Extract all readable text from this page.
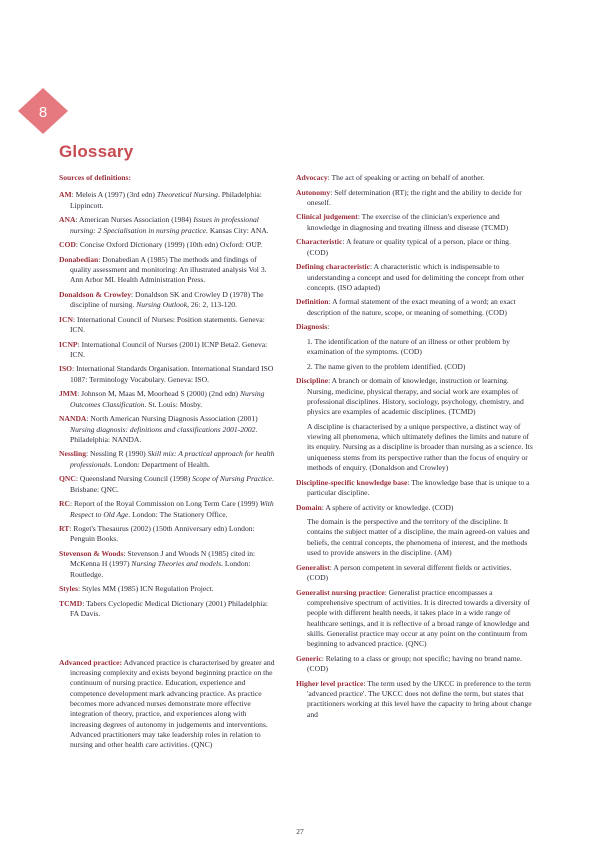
8
Glossary

Sources of definitions:

AM: Meleis A (1997) (3rd edn) Theoretical Nursing. Philadelphia: Lippincott.

ANA: American Nurses Association (1984) Issues in professional nursing: 2 Specialisation in nursing practice. Kansas City: ANA.

COD: Concise Oxford Dictionary (1999) (10th edn) Oxford: OUP.

Donabedian: Donabedian A (1985) The methods and findings of quality assessment and monitoring: An illustrated analysis Vol 3. Ann Arbor MI. Health Administration Press.

Donaldson & Crowley: Donaldson SK and Crowley D (1978) The discipline of nursing. Nursing Outlook, 26: 2, 113-120.

ICN: International Council of Nurses: Position statements. Geneva: ICN.

ICNP: International Council of Nurses (2001) ICNP Beta2. Geneva: ICN.

ISO: International Standards Organisation. International Standard ISO 1087: Terminology Vocabulary. Geneva: ISO.

JMM: Johnson M, Maas M, Moorhead S (2000) (2nd edn) Nursing Outcomes Classification. St. Louis: Mosby.

NANDA: North American Nursing Diagnosis Association (2001) Nursing diagnosis: definitions and classifications 2001-2002. Philadelphia: NANDA.

Nessling: Nessling R (1990) Skill mix: A practical approach for health professionals. London: Department of Health.

QNC: Queensland Nursing Council (1998) Scope of Nursing Practice. Brisbane: QNC.

RC: Report of the Royal Commission on Long Term Care (1999) With Respect to Old Age. London: The Stationery Office.

RT: Roget's Thesaurus (2002) (150th Anniversary edn) London: Penguin Books.

Stevenson & Woods: Stevenson J and Woods N (1985) cited in: McKenna H (1997) Nursing Theories and models. London: Routledge.

Styles: Styles MM (1985) ICN Regulation Project.

TCMD: Tabers Cyclopedic Medical Dictionary (2001) Philadelphia: FA Davis.

Advanced practice: Advanced practice is characterised by greater and increasing complexity and exists beyond beginning practice on the continuum of nursing practice. Education, experience and competence development mark advancing practice. As practice becomes more advanced nurses demonstrate more effective integration of theory, practice, and experiences along with increasing degrees of autonomy in judgements and interventions. Advanced practitioners may take leadership roles in relation to nursing and other health care activities. (QNC)

Advocacy: The act of speaking or acting on behalf of another.

Autonomy: Self determination (RT); the right and the ability to decide for oneself.

Clinical judgement: The exercise of the clinician's experience and knowledge in diagnosing and treating illness and disease (TCMD)

Characteristic: A feature or quality typical of a person, place or thing. (COD)

Defining characteristic: A characteristic which is indispensable to understanding a concept and used for delimiting the concept from other concepts. (ISO adapted)

Definition: A formal statement of the exact meaning of a word; an exact description of the nature, scope, or meaning of something. (COD)

Diagnosis:

1. The identification of the nature of an illness or other problem by examination of the symptoms. (COD)

2. The name given to the problem identified. (COD)

Discipline: A branch or domain of knowledge, instruction or learning. Nursing, medicine, physical therapy, and social work are examples of professional disciplines. History, sociology, psychology, chemistry, and physics are examples of academic disciplines. (TCMD)

A discipline is characterised by a unique perspective, a distinct way of viewing all phenomena, which ultimately defines the limits and nature of its enquiry. Nursing as a discipline is broader than nursing as a science. Its uniqueness stems from its perspective rather than the focus of enquiry or methods of enquiry. (Donaldson and Crowley)

Discipline-specific knowledge base: The knowledge base that is unique to a particular discipline.

Domain: A sphere of activity or knowledge. (COD)

The domain is the perspective and the territory of the discipline. It contains the subject matter of a discipline, the main agreed-on values and beliefs, the central concepts, the phenomena of interest, and the methods used to provide answers in the discipline. (AM)

Generalist: A person competent in several different fields or activities. (COD)

Generalist nursing practice: Generalist practice encompasses a comprehensive spectrum of activities. It is directed towards a diversity of people with different health needs, it takes place in a wide range of healthcare settings, and it is reflective of a broad range of knowledge and skills. Generalist practice may occur at any point on the continuum from beginning to advanced practice. (QNC)

Generic: Relating to a class or group; not specific; having no brand name. (COD)

Higher level practice: The term used by the UKCC in preference to the term 'advanced practice'. The UKCC does not define the term, but states that practitioners working at this level have the capacity to bring about change and

27
